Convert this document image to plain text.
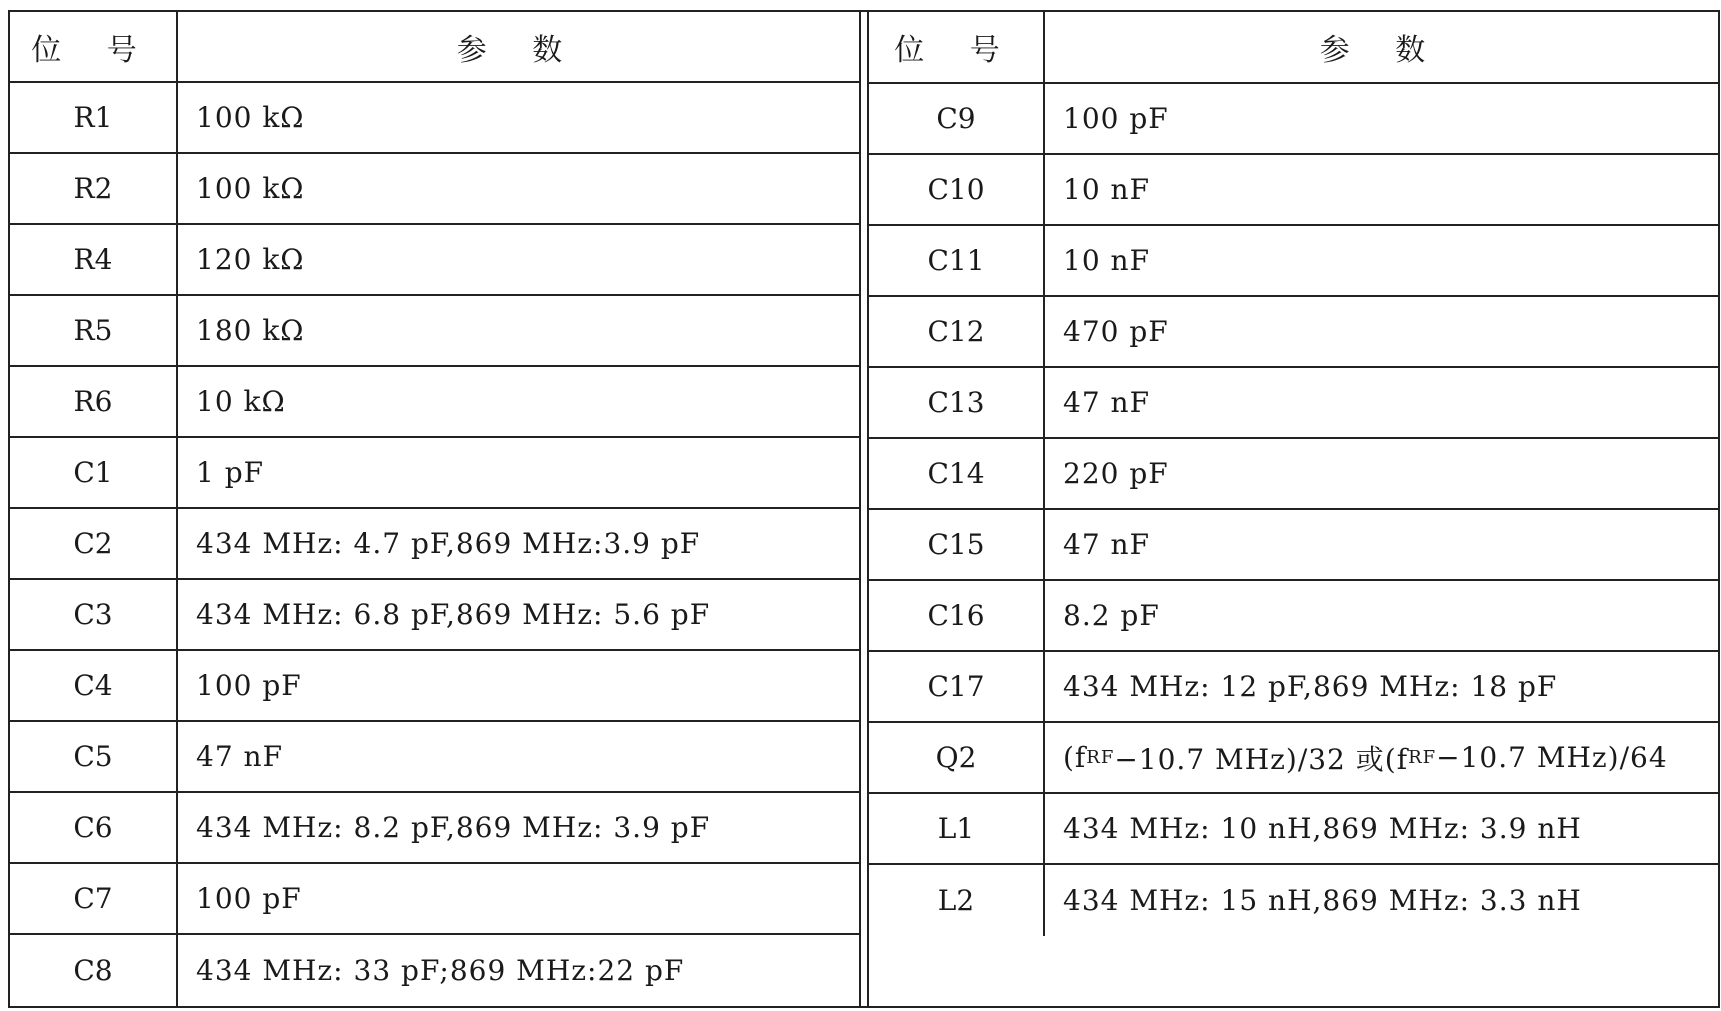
位 号	参 数
R1	100 kΩ
R2	100 kΩ
R4	120 kΩ
R5	180 kΩ
R6	10 kΩ
C1	1 pF
C2	434 MHz: 4.7 pF,869 MHz:3.9 pF
C3	434 MHz: 6.8 pF,869 MHz: 5.6 pF
C4	100 pF
C5	47 nF
C6	434 MHz: 8.2 pF,869 MHz: 3.9 pF
C7	100 pF
C8	434 MHz: 33 pF;869 MHz:22 pF
位 号	参 数
C9	100 pF
C10	10 nF
C11	10 nF
C12	470 pF
C13	47 nF
C14	220 pF
C15	47 nF
C16	8.2 pF
C17	434 MHz: 12 pF,869 MHz: 18 pF
Q2	(f RF −10.7 MHz)/32 或(f RF −10.7 MHz)/64
L1	434 MHz: 10 nH,869 MHz: 3.9 nH
L2	434 MHz: 15 nH,869 MHz: 3.3 nH
